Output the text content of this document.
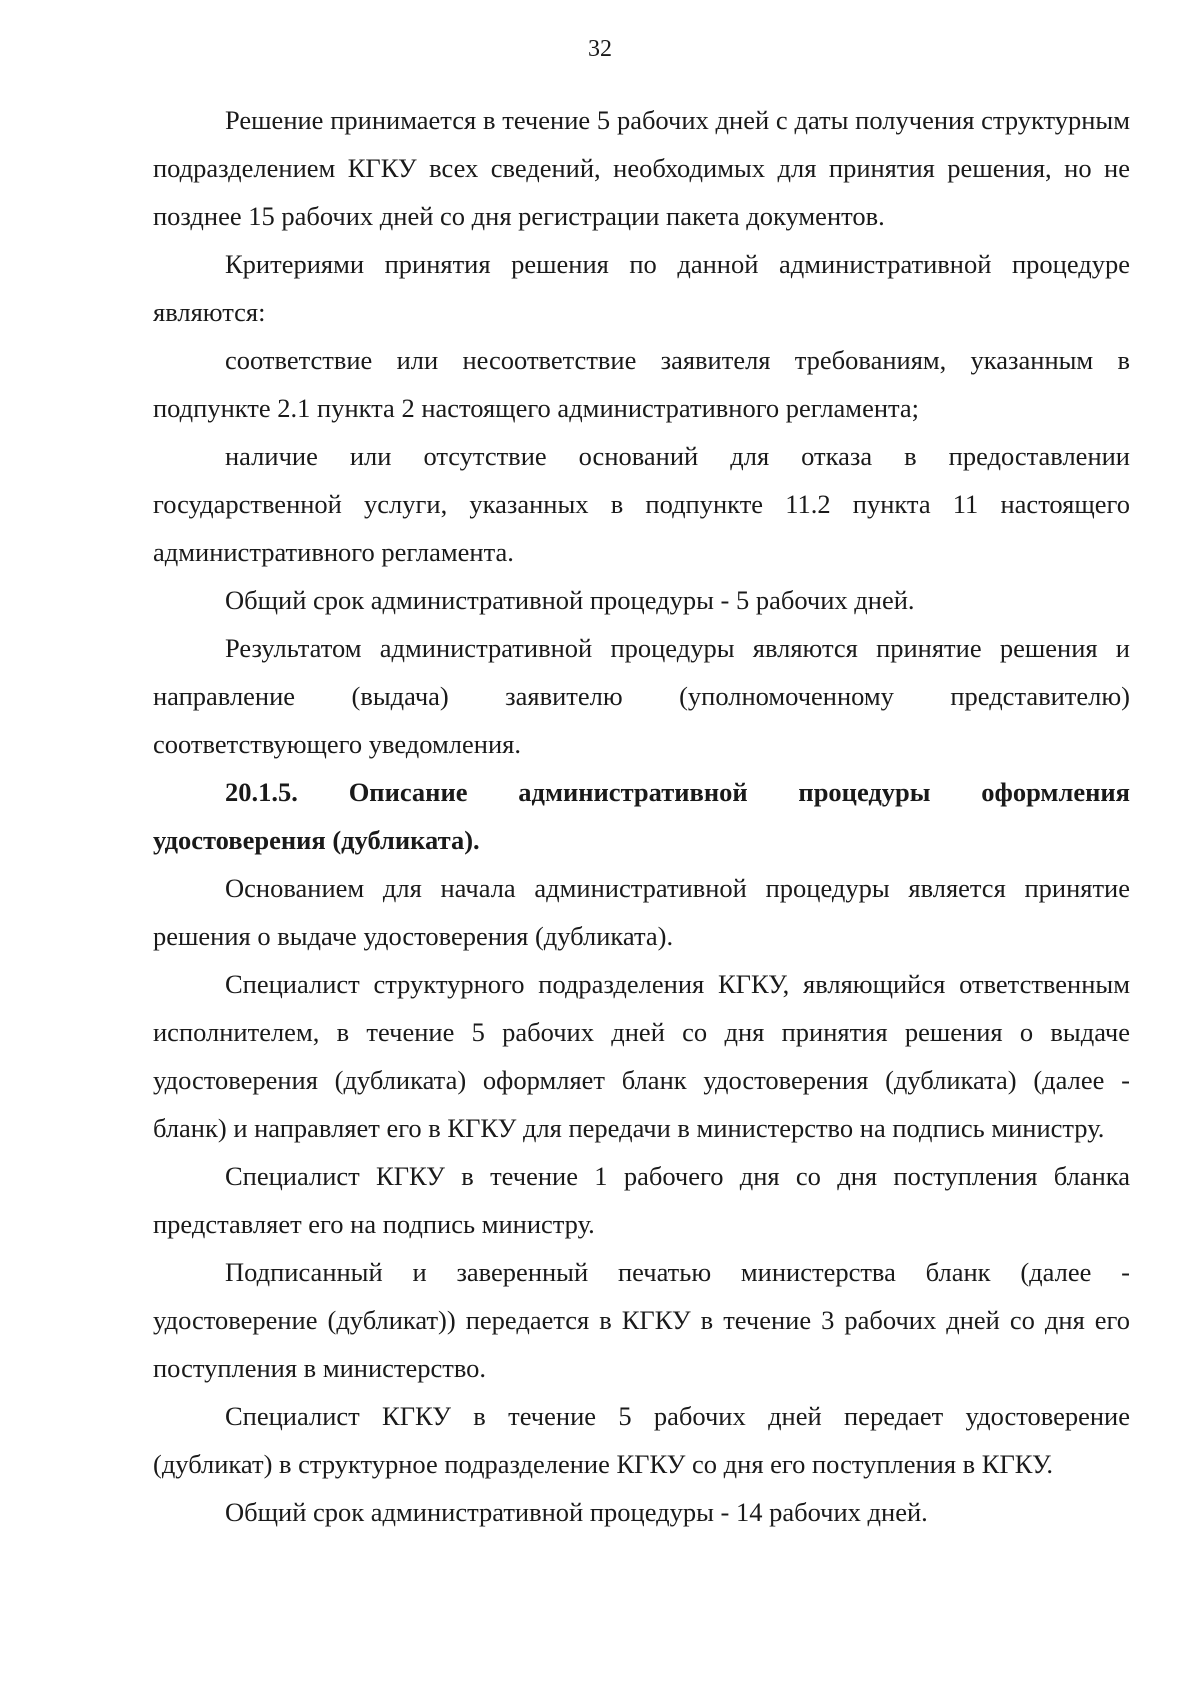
32

Решение принимается в течение 5 рабочих дней с даты получения структурным подразделением КГКУ всех сведений, необходимых для принятия решения, но не позднее 15 рабочих дней со дня регистрации пакета документов.

Критериями принятия решения по данной административной процедуре являются:

соответствие или несоответствие заявителя требованиям, указанным в подпункте 2.1 пункта 2 настоящего административного регламента;

наличие или отсутствие оснований для отказа в предоставлении государственной услуги, указанных в подпункте 11.2 пункта 11 настоящего административного регламента.

Общий срок административной процедуры - 5 рабочих дней.

Результатом административной процедуры являются принятие решения и направление (выдача) заявителю (уполномоченному представителю) соответствующего уведомления.

20.1.5. Описание административной процедуры оформления удостоверения (дубликата).

Основанием для начала административной процедуры является принятие решения о выдаче удостоверения (дубликата).

Специалист структурного подразделения КГКУ, являющийся ответственным исполнителем, в течение 5 рабочих дней со дня принятия решения о выдаче удостоверения (дубликата) оформляет бланк удостоверения (дубликата) (далее - бланк) и направляет его в КГКУ для передачи в министерство на подпись министру.

Специалист КГКУ в течение 1 рабочего дня со дня поступления бланка представляет его на подпись министру.

Подписанный и заверенный печатью министерства бланк (далее - удостоверение (дубликат)) передается в КГКУ в течение 3 рабочих дней со дня его поступления в министерство.

Специалист КГКУ в течение 5 рабочих дней передает удостоверение (дубликат) в структурное подразделение КГКУ со дня его поступления в КГКУ.

Общий срок административной процедуры - 14 рабочих дней.
